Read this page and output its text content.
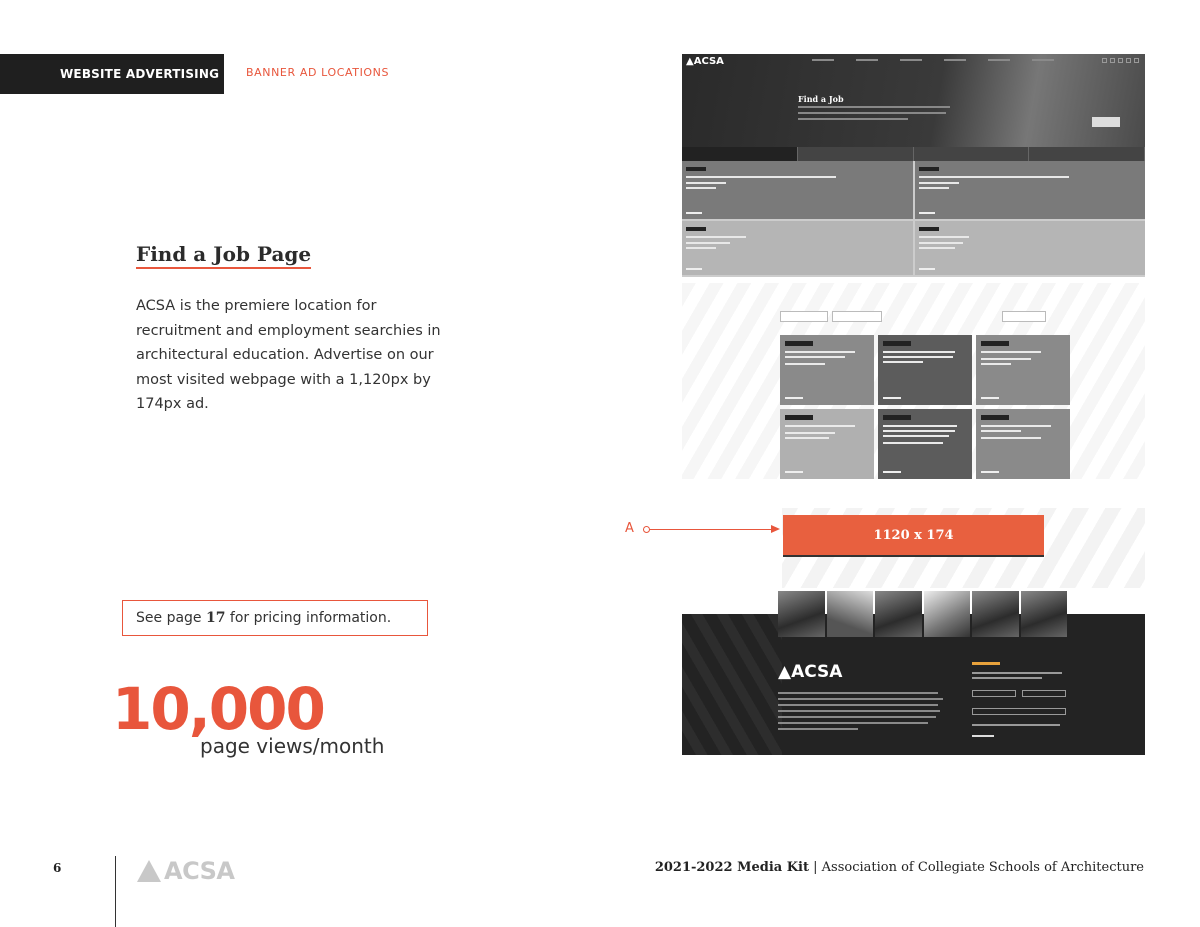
WEBSITE ADVERTISING	BANNER AD LOCATIONS
Find a Job Page

ACSA is the premiere location for recruitment and employment searchies in architectural education. Advertise on our most visited webpage with a 1,120px by 174px ad.

See page 17 for pricing information.
10,000
page views/month
▲ACSA
Find a Job
1120 x 174
A
▲ACSA
6	ACSA	2021-2022 Media Kit | Association of Collegiate Schools of Architecture
